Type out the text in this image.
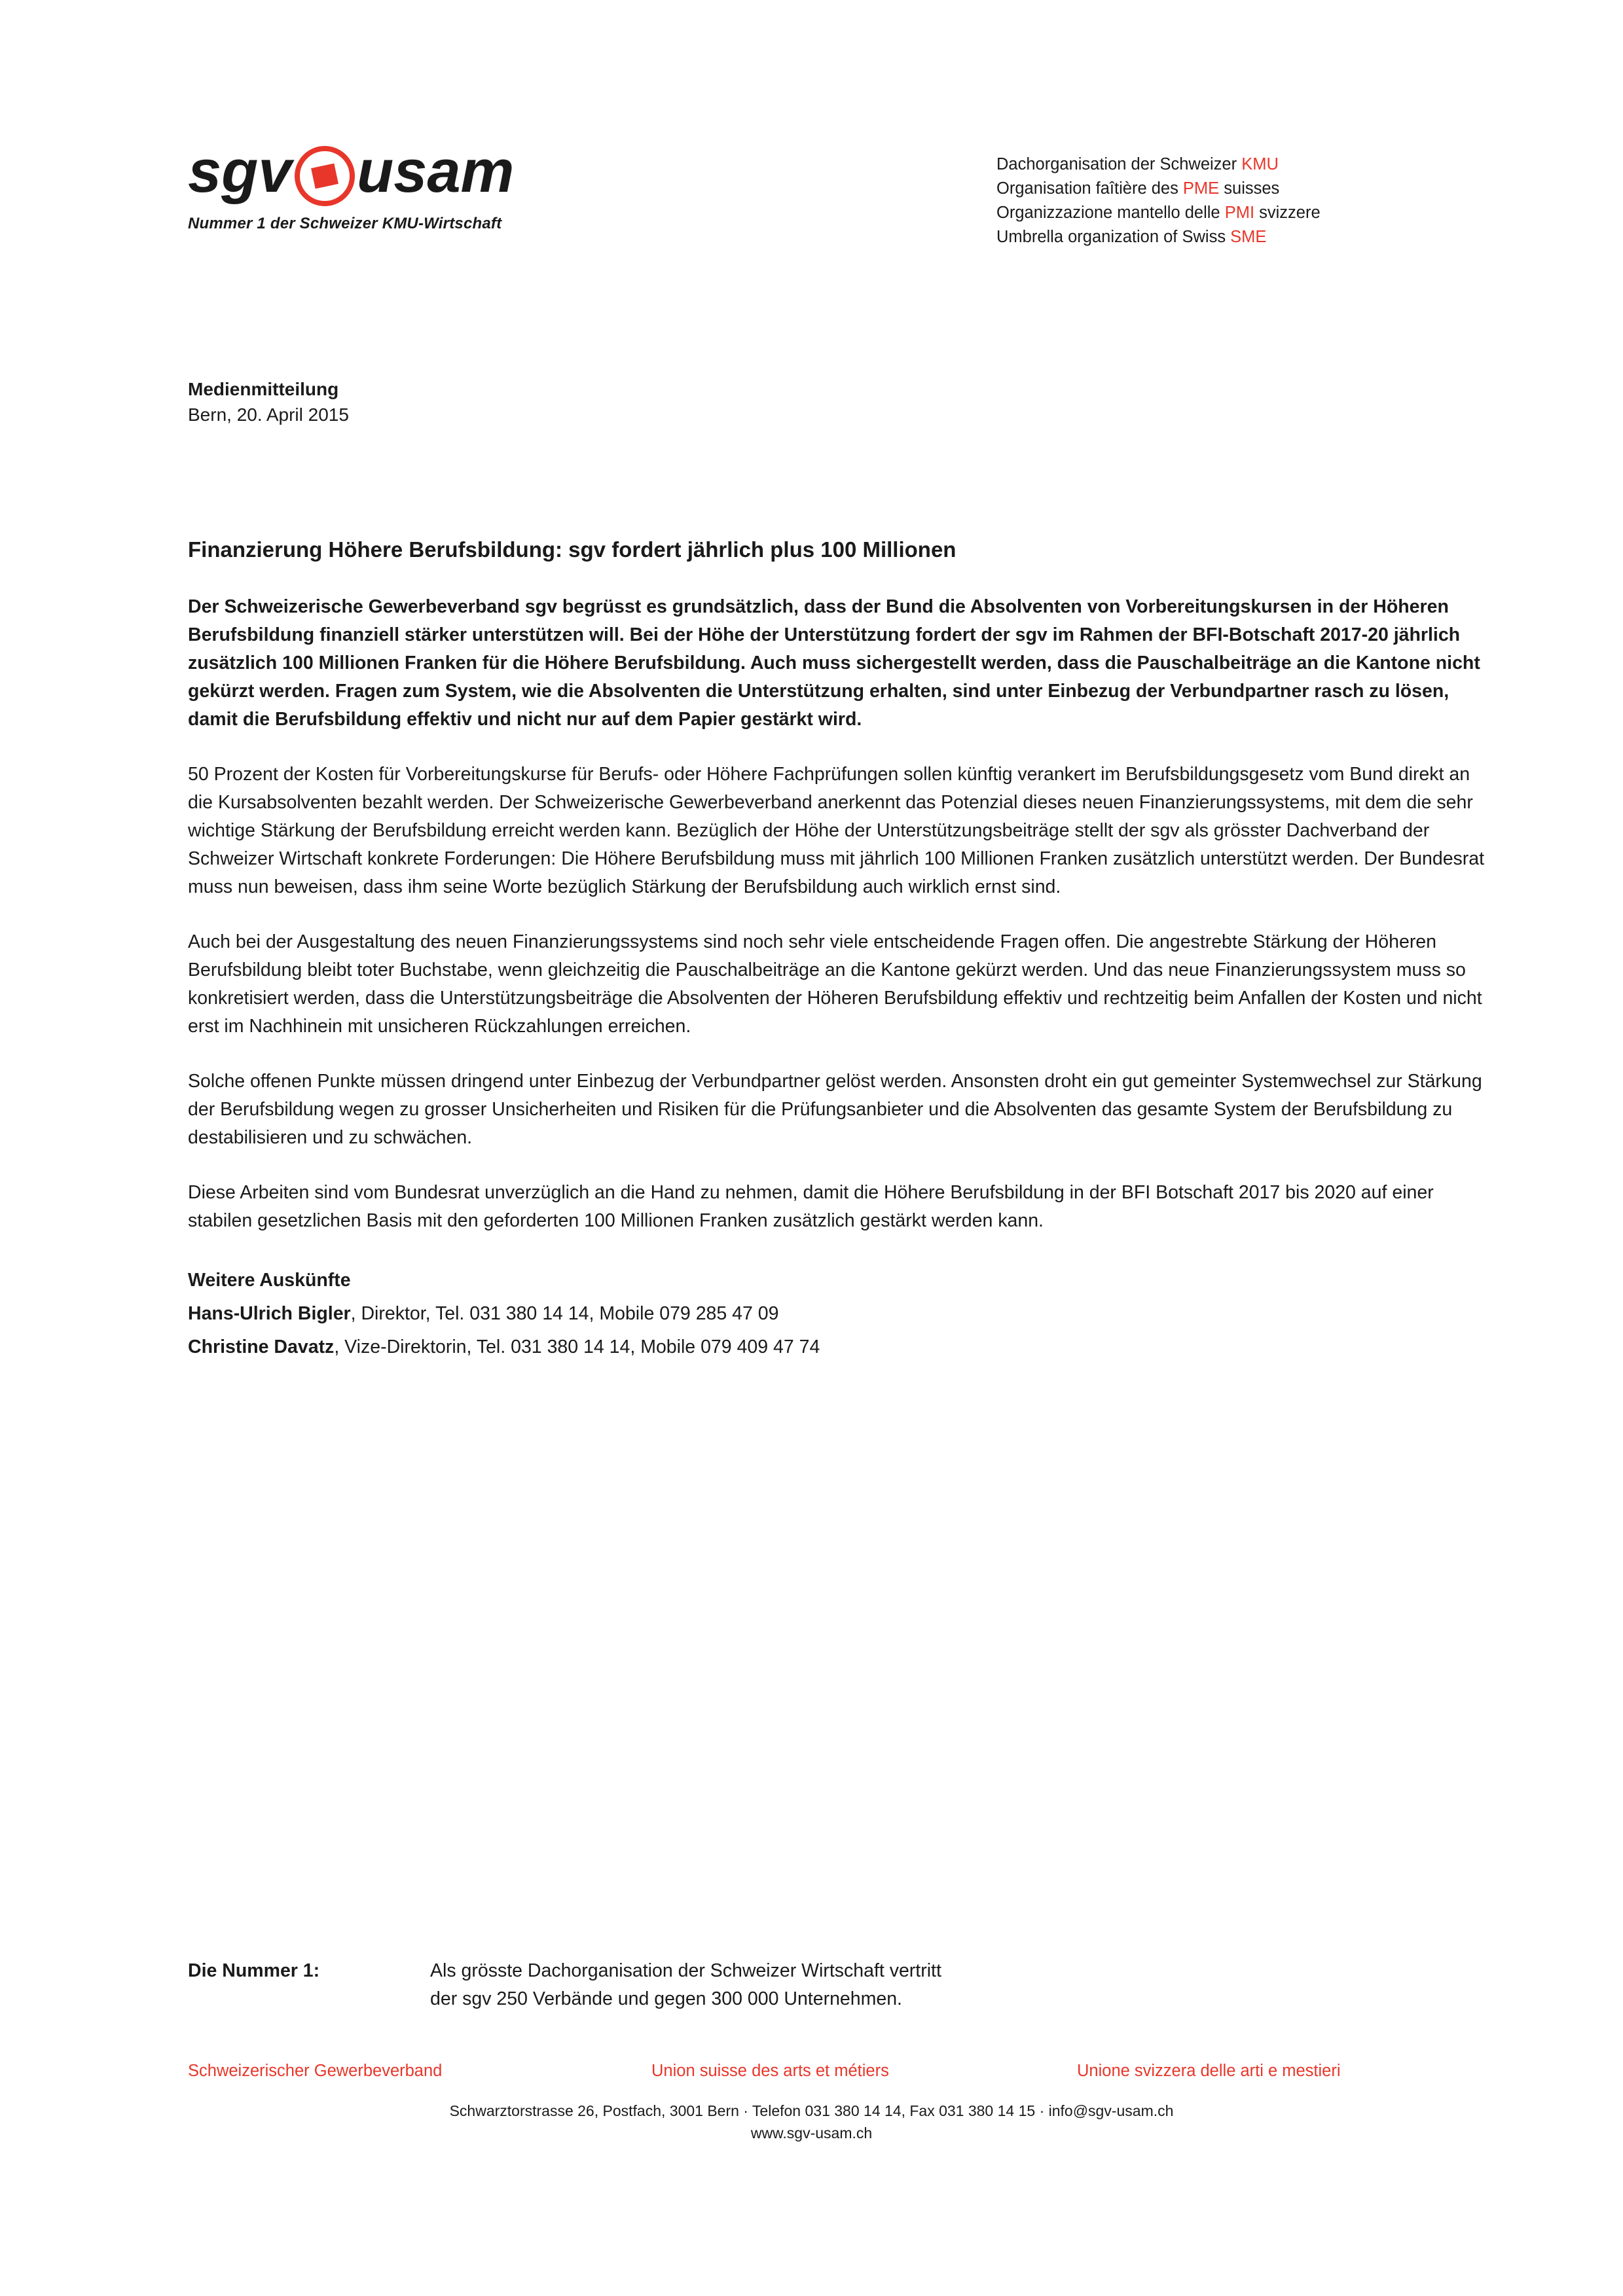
sgv usam
Nummer 1 der Schweizer KMU-Wirtschaft
Dachorganisation der Schweizer KMU
Organisation faîtière des PME suisses
Organizzazione mantello delle PMI svizzere
Umbrella organization of Swiss SME
Medienmitteilung
Bern, 20. April 2015
Finanzierung Höhere Berufsbildung: sgv fordert jährlich plus 100 Millionen
Der Schweizerische Gewerbeverband sgv begrüsst es grundsätzlich, dass der Bund die Absolventen von Vorbereitungskursen in der Höheren Berufsbildung finanziell stärker unterstützen will. Bei der Höhe der Unterstützung fordert der sgv im Rahmen der BFI-Botschaft 2017-20 jährlich zusätzlich 100 Millionen Franken für die Höhere Berufsbildung. Auch muss sichergestellt werden, dass die Pauschalbeiträge an die Kantone nicht gekürzt werden. Fragen zum System, wie die Absolventen die Unterstützung erhalten, sind unter Einbezug der Verbundpartner rasch zu lösen, damit die Berufsbildung effektiv und nicht nur auf dem Papier gestärkt wird.

50 Prozent der Kosten für Vorbereitungskurse für Berufs- oder Höhere Fachprüfungen sollen künftig verankert im Berufsbildungsgesetz vom Bund direkt an die Kursabsolventen bezahlt werden. Der Schweizerische Gewerbeverband anerkennt das Potenzial dieses neuen Finanzierungssystems, mit dem die sehr wichtige Stärkung der Berufsbildung erreicht werden kann. Bezüglich der Höhe der Unterstützungsbeiträge stellt der sgv als grösster Dachverband der Schweizer Wirtschaft konkrete Forderungen: Die Höhere Berufsbildung muss mit jährlich 100 Millionen Franken zusätzlich unterstützt werden. Der Bundesrat muss nun beweisen, dass ihm seine Worte bezüglich Stärkung der Berufsbildung auch wirklich ernst sind.

Auch bei der Ausgestaltung des neuen Finanzierungssystems sind noch sehr viele entscheidende Fragen offen. Die angestrebte Stärkung der Höheren Berufsbildung bleibt toter Buchstabe, wenn gleichzeitig die Pauschalbeiträge an die Kantone gekürzt werden. Und das neue Finanzierungssystem muss so konkretisiert werden, dass die Unterstützungsbeiträge die Absolventen der Höheren Berufsbildung effektiv und rechtzeitig beim Anfallen der Kosten und nicht erst im Nachhinein mit unsicheren Rückzahlungen erreichen.

Solche offenen Punkte müssen dringend unter Einbezug der Verbundpartner gelöst werden. Ansonsten droht ein gut gemeinter Systemwechsel zur Stärkung der Berufsbildung wegen zu grosser Unsicherheiten und Risiken für die Prüfungsanbieter und die Absolventen das gesamte System der Berufsbildung zu destabilisieren und zu schwächen.

Diese Arbeiten sind vom Bundesrat unverzüglich an die Hand zu nehmen, damit die Höhere Berufsbildung in der BFI Botschaft 2017 bis 2020 auf einer stabilen gesetzlichen Basis mit den geforderten 100 Millionen Franken zusätzlich gestärkt werden kann.

Weitere Auskünfte
Hans-Ulrich Bigler, Direktor, Tel. 031 380 14 14, Mobile 079 285 47 09
Christine Davatz, Vize-Direktorin, Tel. 031 380 14 14, Mobile 079 409 47 74
Die Nummer 1:	Als grösste Dachorganisation der Schweizer Wirtschaft vertritt
der sgv 250 Verbände und gegen 300 000 Unternehmen.
Schweizerischer Gewerbeverband	Union suisse des arts et métiers	Unione svizzera delle arti e mestieri
Schwarztorstrasse 26, Postfach, 3001 Bern · Telefon 031 380 14 14, Fax 031 380 14 15 · info@sgv-usam.ch
www.sgv-usam.ch
